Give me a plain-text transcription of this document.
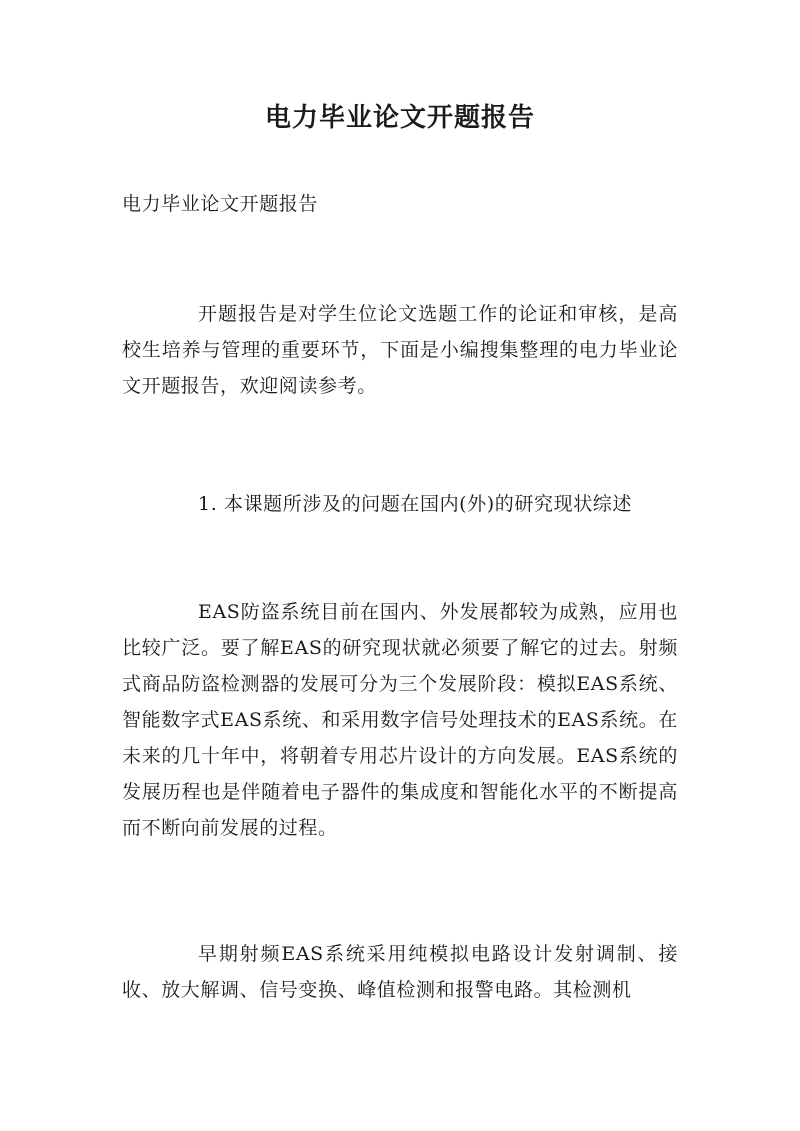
电力毕业论文开题报告

电力毕业论文开题报告

开题报告是对学生位论文选题工作的论证和审核，是高校生培养与管理的重要环节，下面是小编搜集整理的电力毕业论文开题报告，欢迎阅读参考。

1. 本课题所涉及的问题在国内(外)的研究现状综述

EAS防盗系统目前在国内、外发展都较为成熟，应用也比较广泛。要了解EAS的研究现状就必须要了解它的过去。射频式商品防盗检测器的发展可分为三个发展阶段：模拟EAS系统、智能数字式EAS系统、和采用数字信号处理技术的EAS系统。在未来的几十年中，将朝着专用芯片设计的方向发展。EAS系统的发展历程也是伴随着电子器件的集成度和智能化水平的不断提高而不断向前发展的过程。

早期射频EAS系统采用纯模拟电路设计发射调制、接收、放大解调、信号变换、峰值检测和报警电路。其检测机
